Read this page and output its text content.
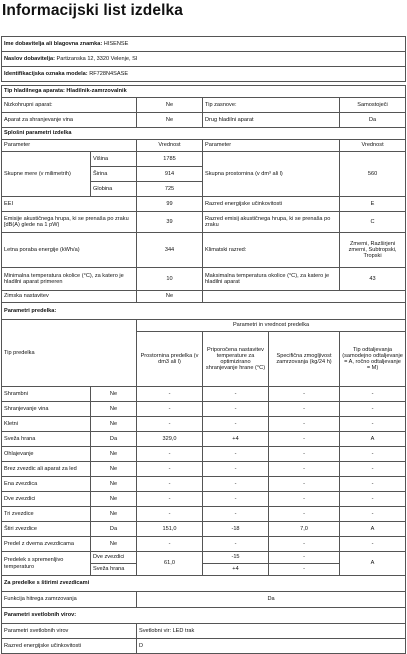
Informacijski list izdelka
Ime dobavitelja ali blagovna znamka: HISENSE					
Naslov dobavitelja: Partizanska 12, 3320 Velenje, SI					
Identifikacijska oznaka modela: RF728N4SASE					

Tip hladilnega aparata: Hladilnik-zamrzovalnik					
Nizkohrupni aparat:		Ne	Tip zasnove:		Samostoječi
Aparat za shranjevanje vina		Ne	Drug hladilni aparat		Da
Splošni parametri izdelka					
Parameter		Vrednost	Parameter		Vrednost
Skupne mere (v milimetrih)	Višina	1785	Skupna prostornina (v dm³ ali l)		560
	Širina	914			
	Globina	725			
EEI		99	Razred energijske učinkovitosti		E
Emisije akustičnega hrupa, ki se prenaša po zraku [dB(A) glede na 1 pW)		39	Razred emisij akustičnega hrupa, ki se prenaša po zraku		C
Letna poraba energije (kWh/a)		344	Klimatski razred:		Zmerni, Razširjeni zmerni, Subtropski, Tropski
Minimalna temperatura okolice (°C), za katero je hladilni aparat primeren		10	Maksimalna temperatura okolice (°C), za katero je hladilni aparat		43
Zimska nastavitev		Ne			
Parametri predelka:					
Tip predelka		Parametri in vrednost predelka			
		Prostornina predelka (v dm3 ali l)	Priporočena nastavitev temperature za optimizirano shranjevanje hrane (°C)	Specifična zmogljivost zamrzovanja (kg/24 h)	Tip odtaljevanja (samodejno odtaljevanje = A, ročno odtaljevanje = M)
Shrambni	Ne	-	-	-	-
Shranjevanje vina	Ne	-	-	-	-
Kletni	Ne	-	-	-	-
Sveža hrana	Da	329,0	+4	-	A
Ohlajevanje	Ne	-	-	-	-
Brez zvezdic ali aparat za led	Ne	-	-	-	-
Ena zvezdica	Ne	-	-	-	-
Dve zvezdici	Ne	-	-	-	-
Tri zvezdice	Ne	-	-	-	-
Štiri zvezdice	Da	151,0	-18	7,0	A
Predel z dvema zvezdicama	Ne	-	-	-	-
Predelek s spremenljivo temperaturo	Dve zvezdici	61,0	-15	-	A
	Sveža hrana		+4	-	
Za predelke s štirimi zvezdicami					
Funkcija hitrega zamrzovanja		Da			
Parametri svetlobnih virov:					
Parametri svetlobnih virov		Svetlobni vir: LED trak			
Razred energijske učinkovitosti		D			
